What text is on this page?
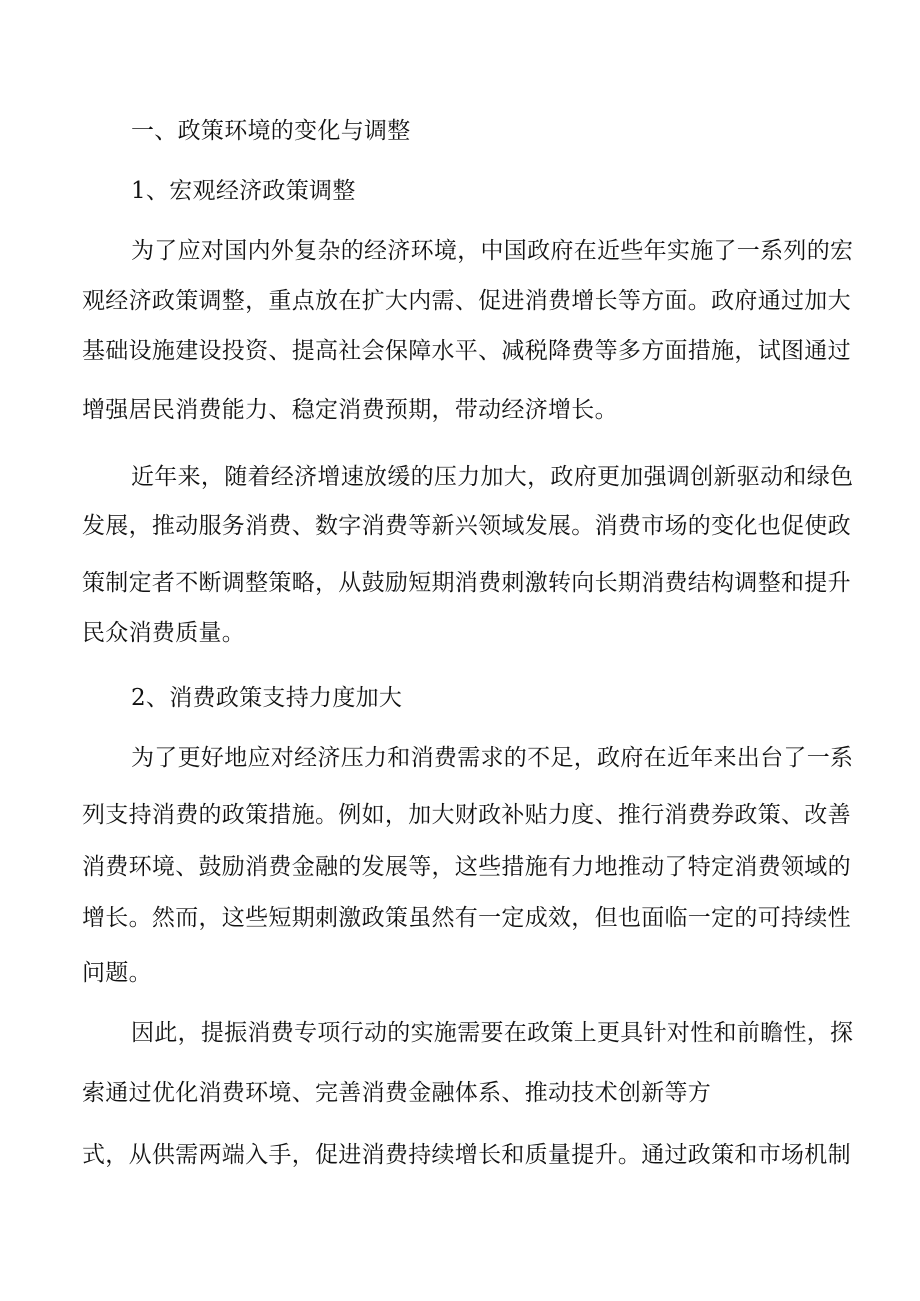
一、政策环境的变化与调整
1、宏观经济政策调整
为了应对国内外复杂的经济环境，中国政府在近些年实施了一系列的宏
观经济政策调整，重点放在扩大内需、促进消费增长等方面。政府通过加大
基础设施建设投资、提高社会保障水平、减税降费等多方面措施，试图通过
增强居民消费能力、稳定消费预期，带动经济增长。
近年来，随着经济增速放缓的压力加大，政府更加强调创新驱动和绿色
发展，推动服务消费、数字消费等新兴领域发展。消费市场的变化也促使政
策制定者不断调整策略，从鼓励短期消费刺激转向长期消费结构调整和提升
民众消费质量。
2、消费政策支持力度加大
为了更好地应对经济压力和消费需求的不足，政府在近年来出台了一系
列支持消费的政策措施。例如，加大财政补贴力度、推行消费券政策、改善
消费环境、鼓励消费金融的发展等，这些措施有力地推动了特定消费领域的
增长。然而，这些短期刺激政策虽然有一定成效，但也面临一定的可持续性
问题。
因此，提振消费专项行动的实施需要在政策上更具针对性和前瞻性，探
索通过优化消费环境、完善消费金融体系、推动技术创新等方
式，从供需两端入手，促进消费持续增长和质量提升。通过政策和市场机制
